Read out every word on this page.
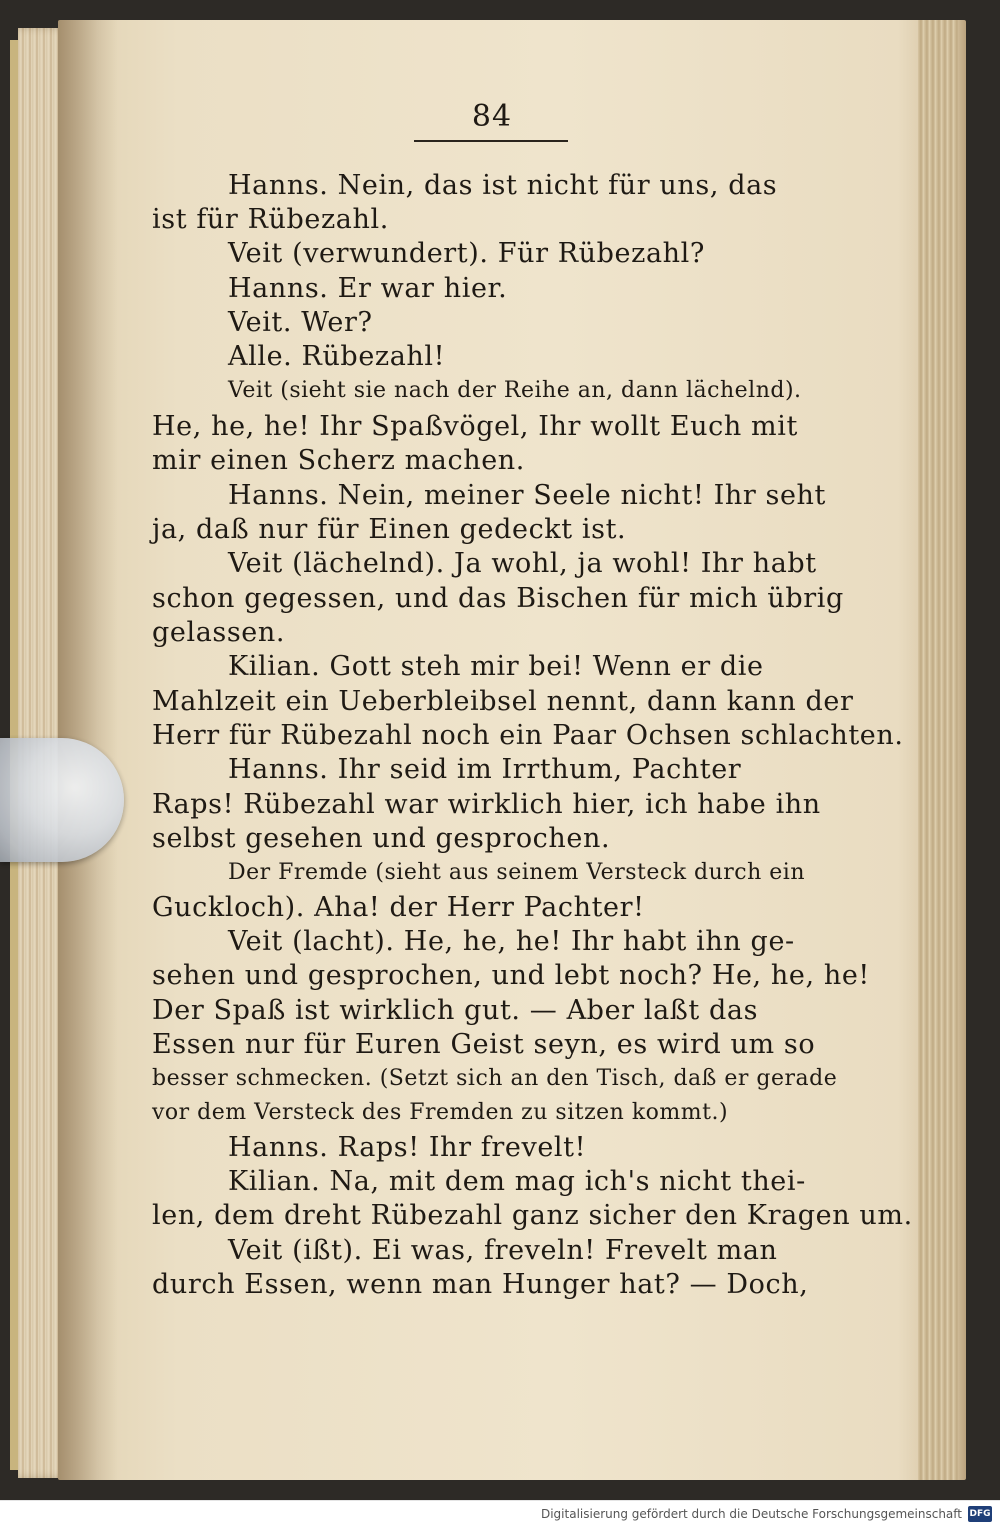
84
Hanns. Nein, das ist nicht für uns, das
ist für Rübezahl.
Veit (verwundert). Für Rübezahl?
Hanns. Er war hier.
Veit. Wer?
Alle. Rübezahl!
Veit (sieht sie nach der Reihe an, dann lächelnd).
He, he, he! Ihr Spaßvögel, Ihr wollt Euch mit
mir einen Scherz machen.
Hanns. Nein, meiner Seele nicht! Ihr seht
ja, daß nur für Einen gedeckt ist.
Veit (lächelnd). Ja wohl, ja wohl! Ihr habt
schon gegessen, und das Bischen für mich übrig
gelassen.
Kilian. Gott steh mir bei! Wenn er die
Mahlzeit ein Ueberbleibsel nennt, dann kann der
Herr für Rübezahl noch ein Paar Ochsen schlachten.
Hanns. Ihr seid im Irrthum, Pachter
Raps! Rübezahl war wirklich hier, ich habe ihn
selbst gesehen und gesprochen.
Der Fremde (sieht aus seinem Versteck durch ein
Guckloch). Aha! der Herr Pachter!
Veit (lacht). He, he, he! Ihr habt ihn ge-
sehen und gesprochen, und lebt noch? He, he, he!
Der Spaß ist wirklich gut. — Aber laßt das
Essen nur für Euren Geist seyn, es wird um so
besser schmecken. (Setzt sich an den Tisch, daß er gerade
vor dem Versteck des Fremden zu sitzen kommt.)
Hanns. Raps! Ihr frevelt!
Kilian. Na, mit dem mag ich's nicht thei-
len, dem dreht Rübezahl ganz sicher den Kragen um.
Veit (ißt). Ei was, freveln! Frevelt man
durch Essen, wenn man Hunger hat? — Doch,
Digitalisierung gefördert durch die Deutsche Forschungsgemeinschaft DFG
